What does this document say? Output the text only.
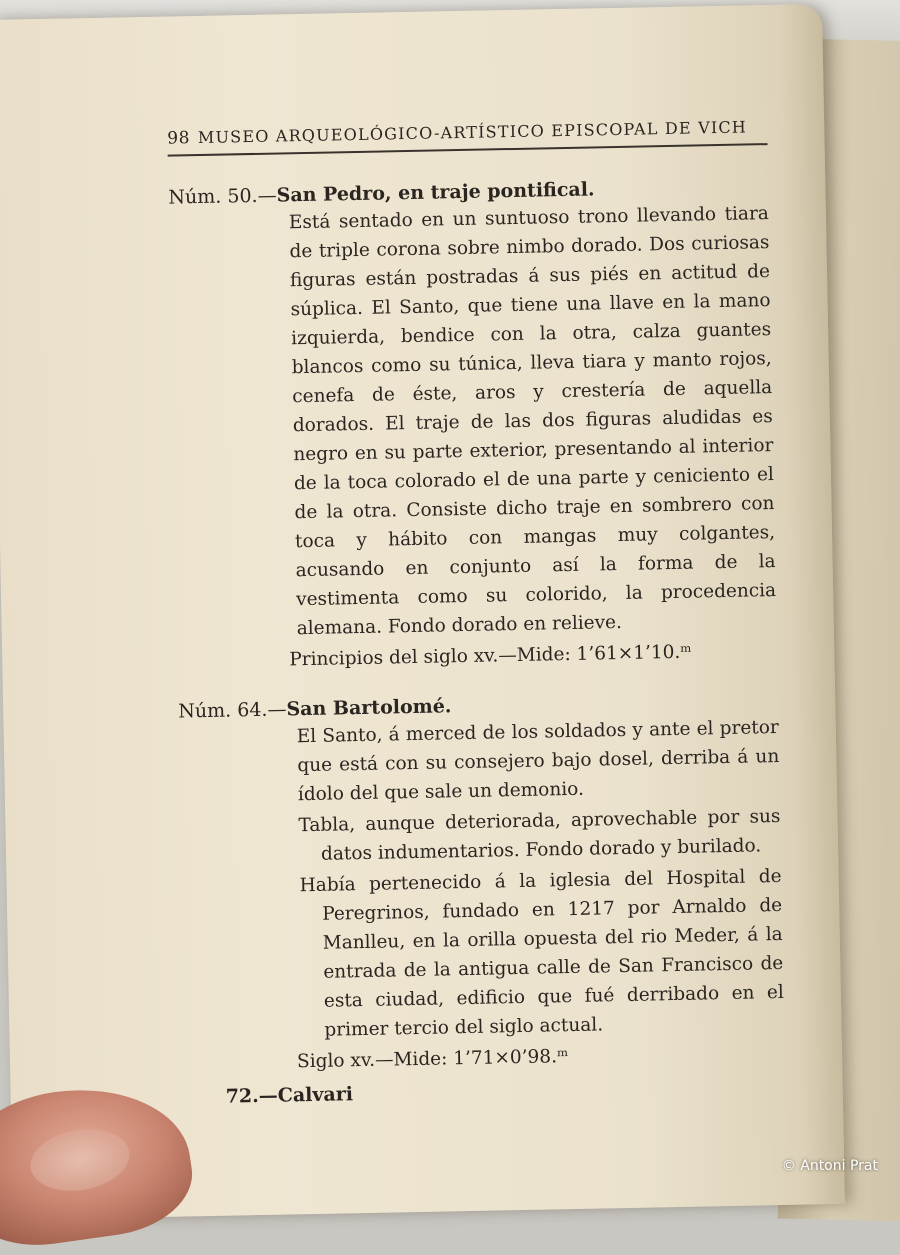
98 MUSEO ARQUEOLÓGICO-ARTÍSTICO EPISCOPAL DE VICH
Núm. 50.—San Pedro, en traje pontifical.

Está sentado en un suntuoso trono llevando tiara de triple corona sobre nimbo dorado. Dos curiosas figuras están postradas á sus piés en actitud de súplica. El Santo, que tiene una llave en la mano izquierda, bendice con la otra, calza guantes blancos como su túnica, lleva tiara y manto rojos, cenefa de éste, aros y crestería de aquella dorados. El traje de las dos figuras aludidas es negro en su parte exterior, presentando al interior de la toca colorado el de una parte y ceniciento el de la otra. Consiste dicho traje en sombrero con toca y hábito con mangas muy colgantes, acusando en conjunto así la forma de la vestimenta como su colorido, la procedencia alemana. Fondo dorado en relieve.

Principios del siglo xv.—Mide: 1’61×1’10.ᵐ
Núm. 64.—San Bartolomé.

El Santo, á merced de los soldados y ante el pretor que está con su consejero bajo dosel, derriba á un ídolo del que sale un demonio.

Tabla, aunque deteriorada, aprovechable por sus datos indumentarios. Fondo dorado y burilado.

Había pertenecido á la iglesia del Hospital de Peregrinos, fundado en 1217 por Arnaldo de Manlleu, en la orilla opuesta del rio Meder, á la entrada de la antigua calle de San Francisco de esta ciudad, edificio que fué derribado en el primer tercio del siglo actual.

Siglo xv.—Mide: 1’71×0’98.ᵐ
72.—Calvari
© Antoni Prat
